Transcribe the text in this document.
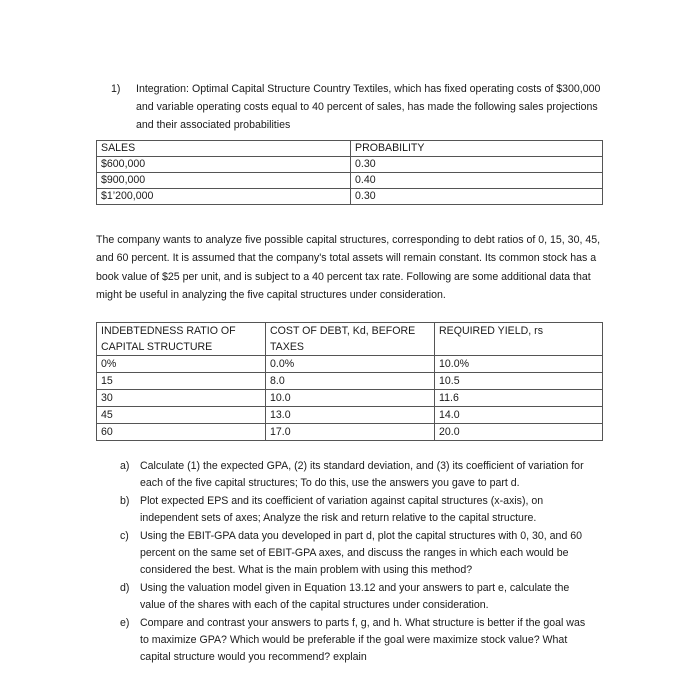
1)	Integration: Optimal Capital Structure Country Textiles, which has fixed operating costs of $300,000 and variable operating costs equal to 40 percent of sales, has made the following sales projections and their associated probabilities
SALES	PROBABILITY
$600,000	0.30
$900,000	0.40
$1’200,000	0.30
The company wants to analyze five possible capital structures, corresponding to debt ratios of 0, 15, 30, 45, and 60 percent. It is assumed that the company's total assets will remain constant. Its common stock has a book value of $25 per unit, and is subject to a 40 percent tax rate. Following are some additional data that might be useful in analyzing the five capital structures under consideration.
INDEBTEDNESS RATIO OF CAPITAL STRUCTURE	COST OF DEBT, Kd, BEFORE TAXES	REQUIRED YIELD, rs
0%	0.0%	10.0%
15	8.0	10.5
30	10.0	11.6
45	13.0	14.0
60	17.0	20.0
a) Calculate (1) the expected GPA, (2) its standard deviation, and (3) its coefficient of variation for each of the five capital structures; To do this, use the answers you gave to part d.
b) Plot expected EPS and its coefficient of variation against capital structures (x-axis), on independent sets of axes; Analyze the risk and return relative to the capital structure.
c)	Using the EBIT-GPA data you developed in part d, plot the capital structures with 0, 30, and 60 percent on the same set of EBIT-GPA axes, and discuss the ranges in which each would be considered the best. What is the main problem with using this method?
d) Using the valuation model given in Equation 13.12 and your answers to part e, calculate the value of the shares with each of the capital structures under consideration.
e) Compare and contrast your answers to parts f, g, and h. What structure is better if the goal was to maximize GPA? Which would be preferable if the goal were maximize stock value? What capital structure would you recommend? explain
